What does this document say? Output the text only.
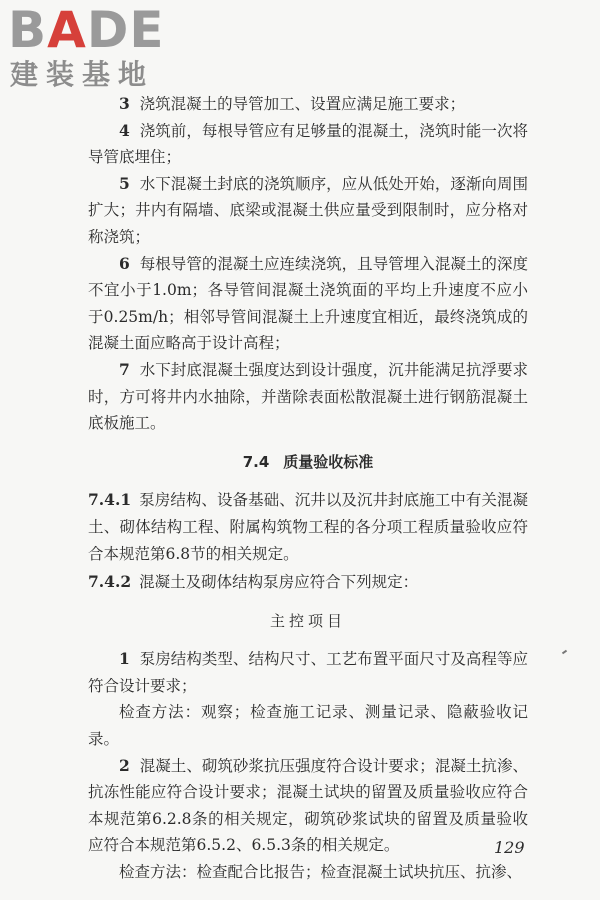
BADE
建装基地

3 浇筑混凝土的导管加工、设置应满足施工要求；

4 浇筑前，每根导管应有足够量的混凝土，浇筑时能一次将导管底埋住；

5 水下混凝土封底的浇筑顺序，应从低处开始，逐渐向周围扩大；井内有隔墙、底梁或混凝土供应量受到限制时，应分格对称浇筑；

6 每根导管的混凝土应连续浇筑，且导管埋入混凝土的深度不宜小于1.0m；各导管间混凝土浇筑面的平均上升速度不应小于0.25m/h；相邻导管间混凝土上升速度宜相近，最终浇筑成的混凝土面应略高于设计高程；

7 水下封底混凝土强度达到设计强度，沉井能满足抗浮要求时，方可将井内水抽除，并凿除表面松散混凝土进行钢筋混凝土底板施工。

7.4 质量验收标准

7.4.1 泵房结构、设备基础、沉井以及沉井封底施工中有关混凝土、砌体结构工程、附属构筑物工程的各分项工程质量验收应符合本规范第6.8节的相关规定。

7.4.2 混凝土及砌体结构泵房应符合下列规定：

主控项目

1 泵房结构类型、结构尺寸、工艺布置平面尺寸及高程等应符合设计要求；

检查方法：观察；检查施工记录、测量记录、隐蔽验收记录。

2 混凝土、砌筑砂浆抗压强度符合设计要求；混凝土抗渗、抗冻性能应符合设计要求；混凝土试块的留置及质量验收应符合本规范第6.2.8条的相关规定，砌筑砂浆试块的留置及质量验收应符合本规范第6.5.2、6.5.3条的相关规定。

检查方法：检查配合比报告；检查混凝土试块抗压、抗渗、

129
